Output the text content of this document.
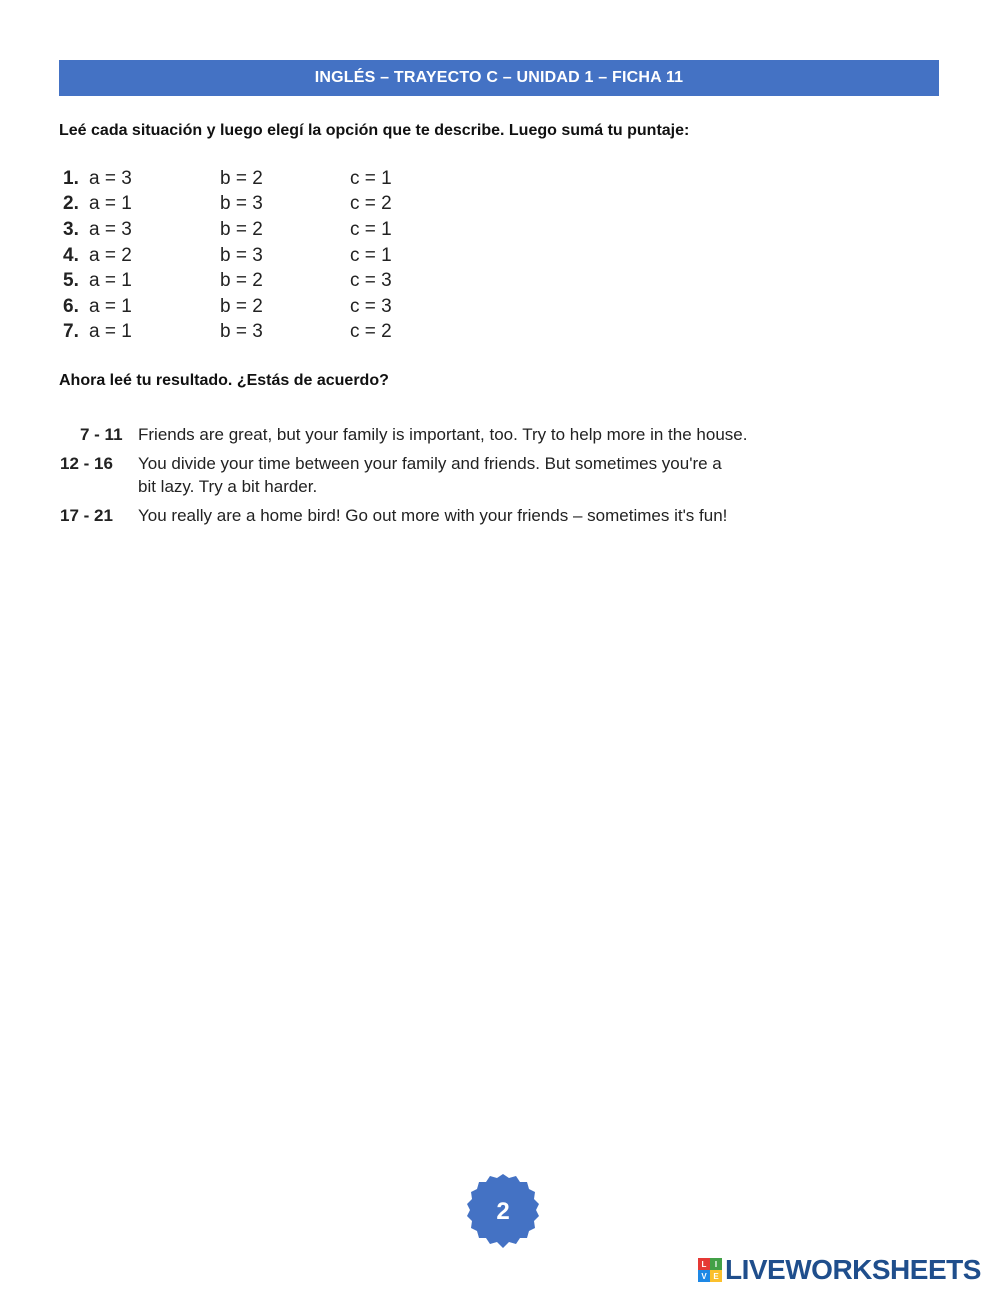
INGLÉS – TRAYECTO C – UNIDAD 1 – FICHA 11
Leé cada situación y luego elegí la opción que te describe. Luego sumá tu puntaje:
1. a = 3	b = 2	c = 1
2. a = 1	b = 3	c = 2
3. a = 3	b = 2	c = 1
4. a = 2	b = 3	c = 1
5. a = 1	b = 2	c = 3
6. a = 1	b = 2	c = 3
7. a = 1	b = 3	c = 2
Ahora leé tu resultado. ¿Estás de acuerdo?
7 - 11 Friends are great, but your family is important, too. Try to help more in the house.
12 - 16	You divide your time between your family and friends. But sometimes you're a bit lazy. Try a bit harder.
17 - 21	You really are a home bird! Go out more with your friends – sometimes it's fun!
2
L	I
V E LIVEWORKSHEETS
